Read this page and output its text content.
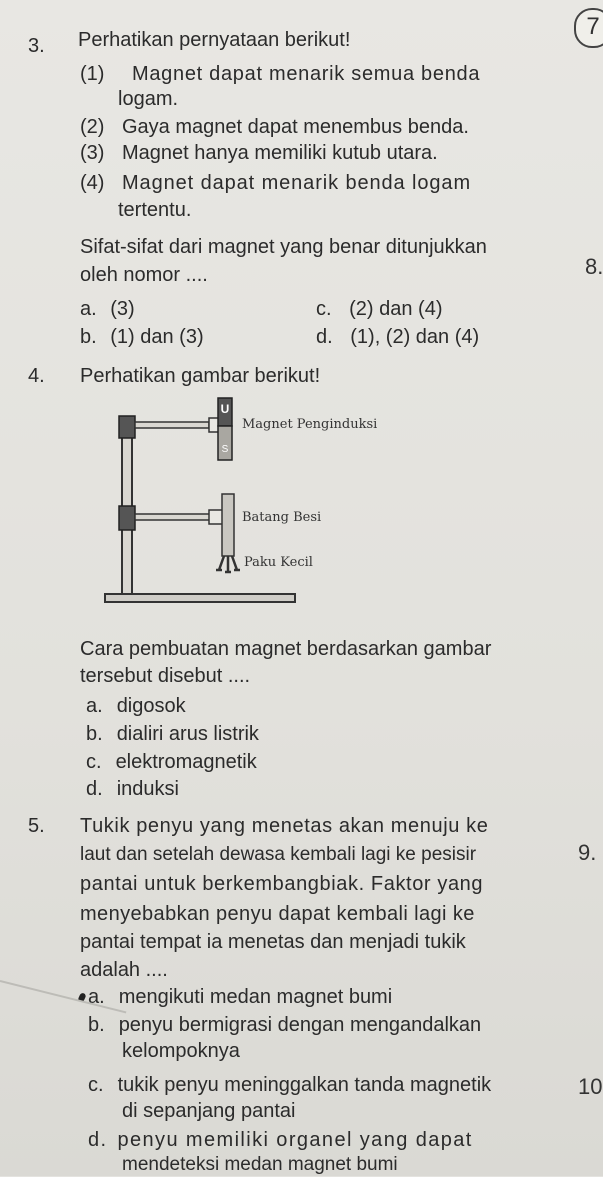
7
8.
9.
10
3. Perhatikan pernyataan berikut!
(1) Magnet dapat menarik semua benda
logam.
(2) Gaya magnet dapat menembus benda.
(3) Magnet hanya memiliki kutub utara.
(4) Magnet dapat menarik benda logam
tertentu.
Sifat-sifat dari magnet yang benar ditunjukkan
oleh nomor ....
a. (3)
b. (1) dan (3)
c. (2) dan (4)
d. (1), (2) dan (4)
4. Perhatikan gambar berikut!
U
S
Magnet Penginduksi
Batang Besi
Paku Kecil
Cara pembuatan magnet berdasarkan gambar
tersebut disebut ....
a. digosok
b. dialiri arus listrik
c. elektromagnetik
d. induksi
5. Tukik penyu yang menetas akan menuju ke
laut dan setelah dewasa kembali lagi ke pesisir
pantai untuk berkembangbiak. Faktor yang
menyebabkan penyu dapat kembali lagi ke
pantai tempat ia menetas dan menjadi tukik
adalah ....
a. mengikuti medan magnet bumi
b. penyu bermigrasi dengan mengandalkan
kelompoknya
c. tukik penyu meninggalkan tanda magnetik
di sepanjang pantai
d. penyu memiliki organel yang dapat
mendeteksi medan magnet bumi
